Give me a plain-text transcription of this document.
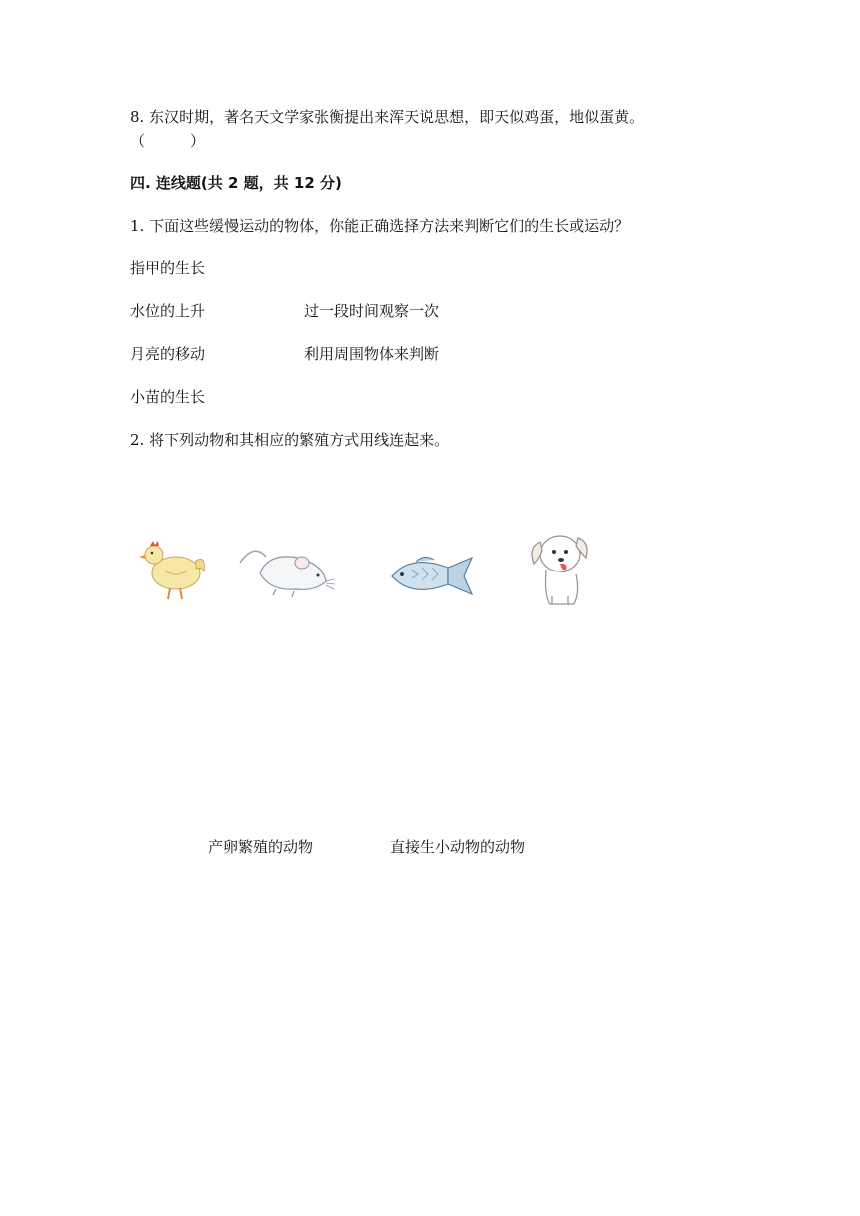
8. 东汉时期，著名天文学家张衡提出来浑天说思想，即天似鸡蛋，地似蛋黄。
（　　　）
四. 连线题(共 2 题，共 12 分)
1. 下面这些缓慢运动的物体，你能正确选择方法来判断它们的生长或运动？
指甲的生长
水位的上升
月亮的移动
小苗的生长
过一段时间观察一次
利用周围物体来判断
2. 将下列动物和其相应的繁殖方式用线连起来。
产卵繁殖的动物	直接生小动物的动物
